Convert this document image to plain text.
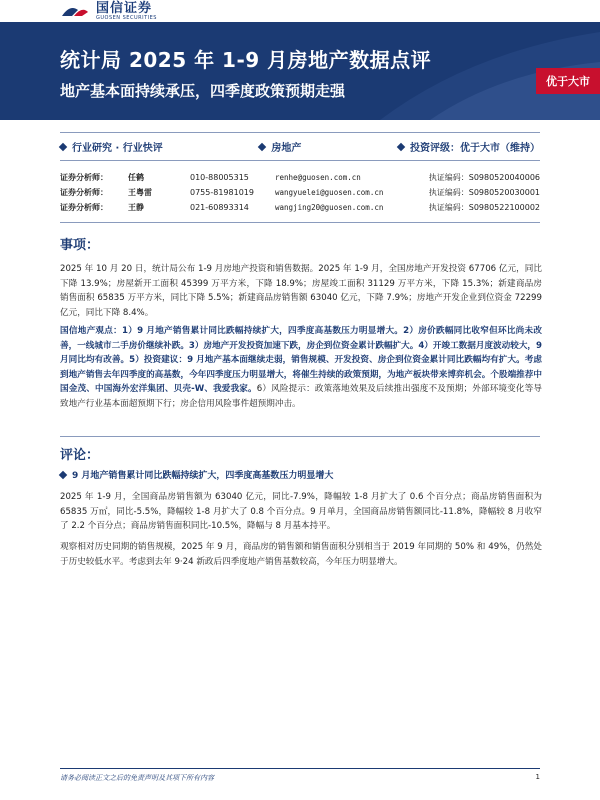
国信证券
GUOSEN SECURITIES
统计局 2025 年 1-9 月房地产数据点评
地产基本面持续承压，四季度政策预期走强
优于大市
行业研究 · 行业快评	房地产	投资评级：优于大市（维持）
证券分析师：	任鹤	010-88005315	renhe@guosen.com.cn	执证编码：S0980520040006
证券分析师：	王粤雷	0755-81981019	wangyuelei@guosen.com.cn	执证编码：S0980520030001
证券分析师：	王静	021-60893314	wangjing20@guosen.com.cn	执证编码：S0980522100002
事项：
2025 年 10 月 20 日，统计局公布 1-9 月房地产投资和销售数据。2025 年 1-9 月，全国房地产开发投资 67706 亿元，同比下降 13.9%；房屋新开工面积 45399 万平方米，下降 18.9%；房屋竣工面积 31129 万平方米，下降 15.3%；新建商品房销售面积 65835 万平方米，同比下降 5.5%；新建商品房销售额 63040 亿元，下降 7.9%；房地产开发企业到位资金 72299 亿元，同比下降 8.4%。
国信地产观点：1）9 月地产销售累计同比跌幅持续扩大，四季度高基数压力明显增大。2）房价跌幅同比收窄但环比尚未改善，一线城市二手房价继续补跌。3）房地产开发投资加速下跌，房企到位资金累计跌幅扩大。4）开竣工数据月度波动较大，9 月同比均有改善。5）投资建议：9 月地产基本面继续走弱，销售规模、开发投资、房企到位资金累计同比跌幅均有扩大。考虑到地产销售去年四季度的高基数，今年四季度压力明显增大，将催生持续的政策预期，为地产板块带来博弈机会。个股端推荐中国金茂、中国海外宏洋集团、贝壳-W、我爱我家。6）风险提示：政策落地效果及后续推出强度不及预期；外部环境变化等导致地产行业基本面超预期下行；房企信用风险事件超预期冲击。
评论：
9 月地产销售累计同比跌幅持续扩大，四季度高基数压力明显增大
2025 年 1-9 月，全国商品房销售额为 63040 亿元，同比-7.9%，降幅较 1-8 月扩大了 0.6 个百分点；商品房销售面积为 65835 万㎡，同比-5.5%，降幅较 1-8 月扩大了 0.8 个百分点。9 月单月，全国商品房销售额同比-11.8%，降幅较 8 月收窄了 2.2 个百分点；商品房销售面积同比-10.5%，降幅与 8 月基本持平。
观察相对历史同期的销售规模，2025 年 9 月，商品房的销售额和销售面积分别相当于 2019 年同期的 50% 和 49%，仍然处于历史较低水平。考虑到去年 9·24 新政后四季度地产销售基数较高，今年压力明显增大。
请务必阅读正文之后的免责声明及其项下所有内容	1
